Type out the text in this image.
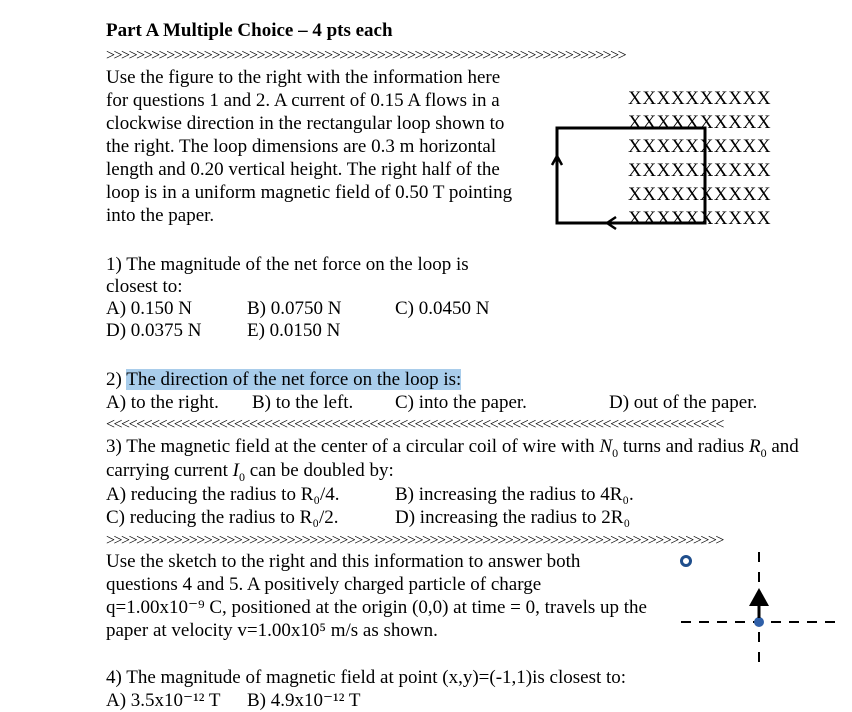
Part A Multiple Choice – 4 pts each
>>>>>>>>>>>>>>>>>>>>>>>>>>>>>>>>>>>>>>>>>>>>>>>>>>>>>>>>>>>>>>>>>>>>>
Use the figure to the right with the information here
for questions 1 and 2. A current of 0.15 A flows in a
clockwise direction in the rectangular loop shown to
the right. The loop dimensions are 0.3 m horizontal
length and 0.20 vertical height. The right half of the
loop is in a uniform magnetic field of 0.50 T pointing
into the paper.
XXXXXXXXXX
XXXXXXXXXX
XXXXXXXXXX
XXXXXXXXXX
XXXXXXXXXX
XXXXXXXXXX
1) The magnitude of the net force on the loop is
closest to:
A) 0.150 N	B) 0.0750 N	C) 0.0450 N
D) 0.0375 N E) 0.0150 N
2) The direction of the net force on the loop is:
A) to the right. B) to the left. C) into the paper.	D) out of the paper.
<<<<<<<<<<<<<<<<<<<<<<<<<<<<<<<<<<<<<<<<<<<<<<<<<<<<<<<<<<<<<<<<<<<<<<<<<<<<<<<<<<
3) The magnetic field at the center of a circular coil of wire with $N_0$ turns and radius $R_0$ and
carrying current $I_0$ can be doubled by:
A) reducing the radius to R₀/4.	B) increasing the radius to 4R₀.
C) reducing the radius to R₀/2.	D) increasing the radius to 2R₀
>>>>>>>>>>>>>>>>>>>>>>>>>>>>>>>>>>>>>>>>>>>>>>>>>>>>>>>>>>>>>>>>>>>>>>>>>>>>>>>>>>
Use the sketch to the right and this information to answer both
questions 4 and 5. A positively charged particle of charge
q=1.00x10⁻⁹ C, positioned at the origin (0,0) at time = 0, travels up the
paper at velocity v=1.00x10⁵ m/s as shown.
4) The magnitude of magnetic field at point (x,y)=(-1,1)is closest to:
A) 3.5x10⁻¹² T B) 4.9x10⁻¹² T
